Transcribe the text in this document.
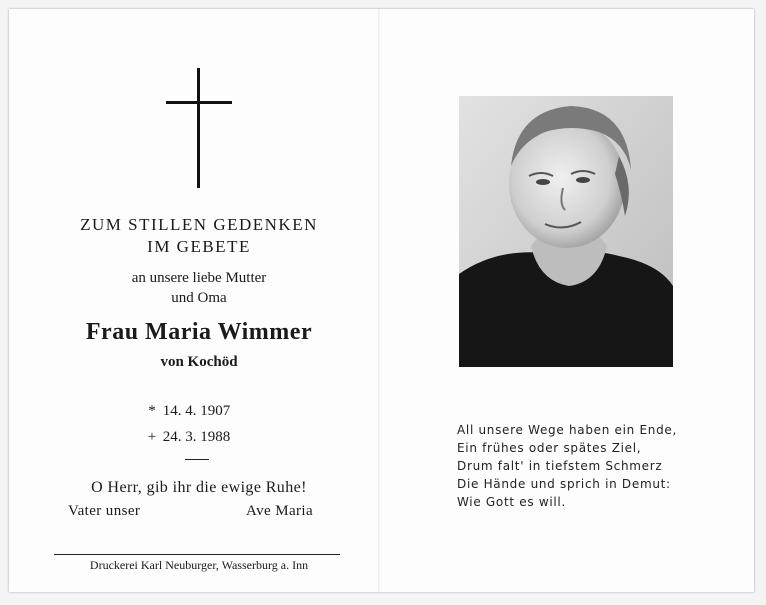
ZUM STILLEN GEDENKEN
IM GEBETE
an unsere liebe Mutter
und Oma
Frau Maria Wimmer
von Kochöd
* 14. 4. 1907
+ 24. 3. 1988
O Herr, gib ihr die ewige Ruhe!
Vater unser	Ave Maria
Druckerei Karl Neuburger, Wasserburg a. Inn
All unsere Wege haben ein Ende,
Ein frühes oder spätes Ziel,
Drum falt' in tiefstem Schmerz
Die Hände und sprich in Demut:
Wie Gott es will.
